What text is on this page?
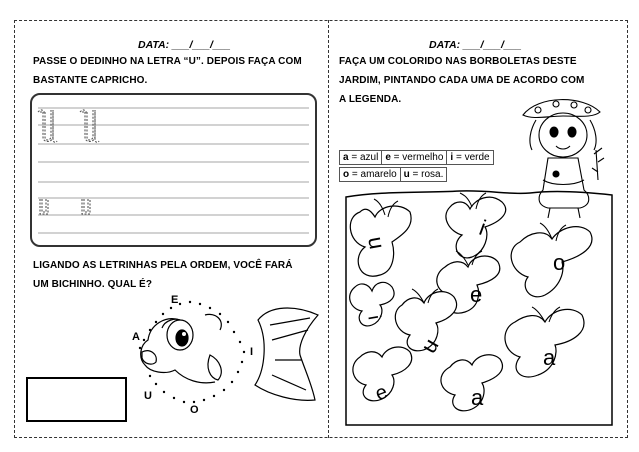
DATA: ___/___/___
PASSE O DEDINHO NA LETRA “U”. DEPOIS FAÇA COM
BASTANTE CAPRICHO.
LIGANDO AS LETRINHAS PELA ORDEM, VOCÊ FARÁ
UM BICHINHO. QUAL É?
E
A
I
U
O
DATA: ___/___/___
FAÇA UM COLORIDO NAS BORBOLETAS DESTE
JARDIM, PINTANDO CADA UMA DE ACORDO COM
A LEGENDA.
a = azul e = vermelho i = verde
o = amarelo u = rosa.
u
i
o
e
i
u	a
a
e
